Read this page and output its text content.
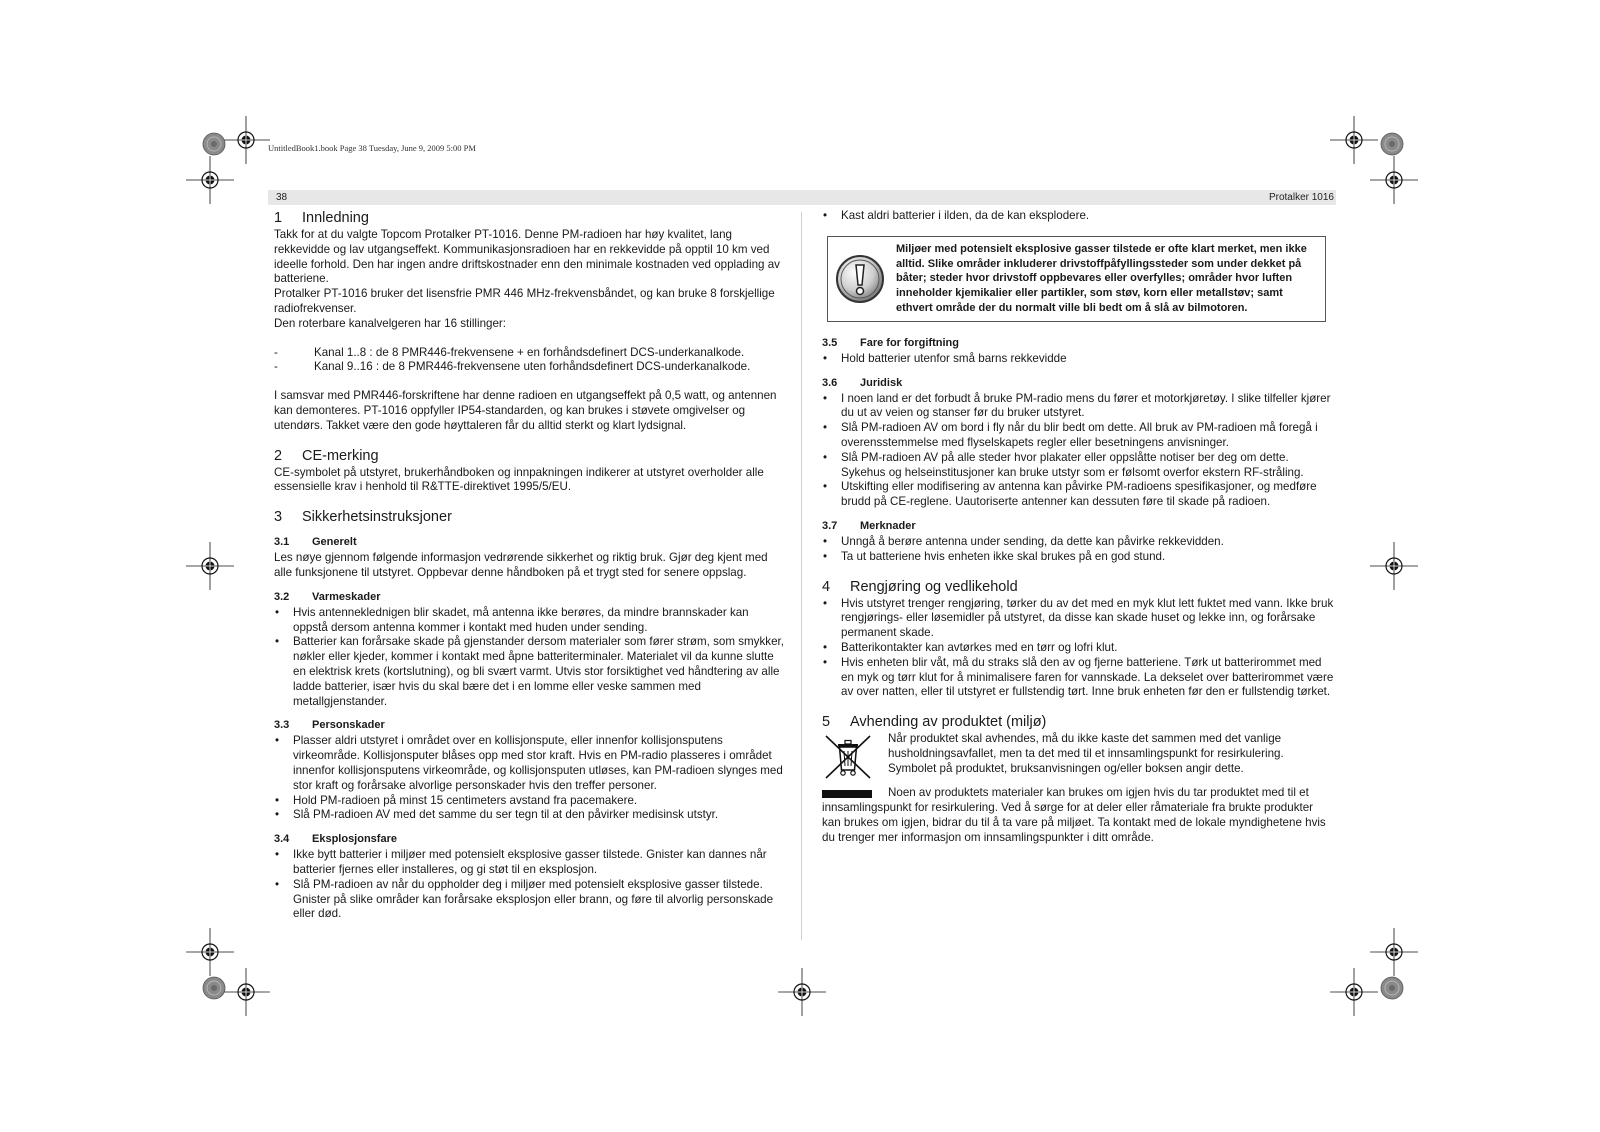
UntitledBook1.book Page 38 Tuesday, June 9, 2009 5:00 PM
38	Protalker 1016
1	Innledning

Takk for at du valgte Topcom Protalker PT-1016. Denne PM-radioen har høy kvalitet, lang rekkevidde og lav utgangseffekt. Kommunikasjonsradioen har en rekkevidde på opptil 10 km ved ideelle forhold. Den har ingen andre driftskostnader enn den minimale kostnaden ved opplading av batteriene.

Protalker PT-1016 bruker det lisensfrie PMR 446 MHz-frekvensbåndet, og kan bruke 8 forskjellige radiofrekvenser.

Den roterbare kanalvelgeren har 16 stillinger:

-	Kanal 1..8 : de 8 PMR446-frekvensene + en forhåndsdefinert DCS-underkanalkode.
-	Kanal 9..16 : de 8 PMR446-frekvensene uten forhåndsdefinert DCS-underkanalkode.

I samsvar med PMR446-forskriftene har denne radioen en utgangseffekt på 0,5 watt, og antennen kan demonteres. PT-1016 oppfyller IP54-standarden, og kan brukes i støvete omgivelser og utendørs. Takket være den gode høyttaleren får du alltid sterkt og klart lydsignal.

2	CE-merking

CE-symbolet på utstyret, brukerhåndboken og innpakningen indikerer at utstyret overholder alle essensielle krav i henhold til R&TTE-direktivet 1995/5/EU.

3	Sikkerhetsinstruksjoner
3.1	Generelt

Les nøye gjennom følgende informasjon vedrørende sikkerhet og riktig bruk. Gjør deg kjent med alle funksjonene til utstyret. Oppbevar denne håndboken på et trygt sted for senere oppslag.

3.2	Varmeskader
• Hvis antenneklednigen blir skadet, må antenna ikke berøres, da mindre brannskader kan oppstå dersom antenna kommer i kontakt med huden under sending.
• Batterier kan forårsake skade på gjenstander dersom materialer som fører strøm, som smykker, nøkler eller kjeder, kommer i kontakt med åpne batteriterminaler. Materialet vil da kunne slutte en elektrisk krets (kortslutning), og bli svært varmt. Utvis stor forsiktighet ved håndtering av alle ladde batterier, især hvis du skal bære det i en lomme eller veske sammen med metallgjenstander.
3.3	Personskader
• Plasser aldri utstyret i området over en kollisjonspute, eller innenfor kollisjonsputens virkeområde. Kollisjonsputer blåses opp med stor kraft. Hvis en PM-radio plasseres i området innenfor kollisjonsputens virkeområde, og kollisjonsputen utløses, kan PM-radioen slynges med stor kraft og forårsake alvorlige personskader hvis den treffer personer.
• Hold PM-radioen på minst 15 centimeters avstand fra pacemakere.
• Slå PM-radioen AV med det samme du ser tegn til at den påvirker medisinsk utstyr.
3.4	Eksplosjonsfare
• Ikke bytt batterier i miljøer med potensielt eksplosive gasser tilstede. Gnister kan dannes når batterier fjernes eller installeres, og gi støt til en eksplosjon.
• Slå PM-radioen av når du oppholder deg i miljøer med potensielt eksplosive gasser tilstede. Gnister på slike områder kan forårsake eksplosjon eller brann, og føre til alvorlig personskade eller død.
• Kast aldri batterier i ilden, da de kan eksplodere.
Miljøer med potensielt eksplosive gasser tilstede er ofte klart merket, men ikke alltid. Slike områder inkluderer drivstoffpåfyllingssteder som under dekket på båter; steder hvor drivstoff oppbevares eller overfylles; områder hvor luften inneholder kjemikalier eller partikler, som støv, korn eller metallstøv; samt ethvert område der du normalt ville bli bedt om å slå av bilmotoren.
3.5	Fare for forgiftning
• Hold batterier utenfor små barns rekkevidde
3.6	Juridisk
• I noen land er det forbudt å bruke PM-radio mens du fører et motorkjøretøy. I slike tilfeller kjører du ut av veien og stanser før du bruker utstyret.
• Slå PM-radioen AV om bord i fly når du blir bedt om dette. All bruk av PM-radioen må foregå i overensstemmelse med flyselskapets regler eller besetningens anvisninger.
• Slå PM-radioen AV på alle steder hvor plakater eller oppslåtte notiser ber deg om dette. Sykehus og helseinstitusjoner kan bruke utstyr som er følsomt overfor ekstern RF-stråling.
• Utskifting eller modifisering av antenna kan påvirke PM-radioens spesifikasjoner, og medføre brudd på CE-reglene. Uautoriserte antenner kan dessuten føre til skade på radioen.
3.7	Merknader
• Unngå å berøre antenna under sending, da dette kan påvirke rekkevidden.
• Ta ut batteriene hvis enheten ikke skal brukes på en god stund.
4	Rengjøring og vedlikehold
• Hvis utstyret trenger rengjøring, tørker du av det med en myk klut lett fuktet med vann. Ikke bruk rengjørings- eller løsemidler på utstyret, da disse kan skade huset og lekke inn, og forårsake permanent skade.
• Batterikontakter kan avtørkes med en tørr og lofri klut.
• Hvis enheten blir våt, må du straks slå den av og fjerne batteriene. Tørk ut batterirommet med en myk og tørr klut for å minimalisere faren for vannskade. La dekselet over batterirommet være av over natten, eller til utstyret er fullstendig tørt. Inne bruk enheten før den er fullstendig tørket.
5	Avhending av produktet (miljø)

Når produktet skal avhendes, må du ikke kaste det sammen med det vanlige husholdningsavfallet, men ta det med til et innsamlingspunkt for resirkulering. Symbolet på produktet, bruksanvisningen og/eller boksen angir dette.

Noen av produktets materialer kan brukes om igjen hvis du tar produktet med til et innsamlingspunkt for resirkulering. Ved å sørge for at deler eller råmateriale fra brukte produkter kan brukes om igjen, bidrar du til å ta vare på miljøet. Ta kontakt med de lokale myndighetene hvis du trenger mer informasjon om innsamlingspunkter i ditt område.
